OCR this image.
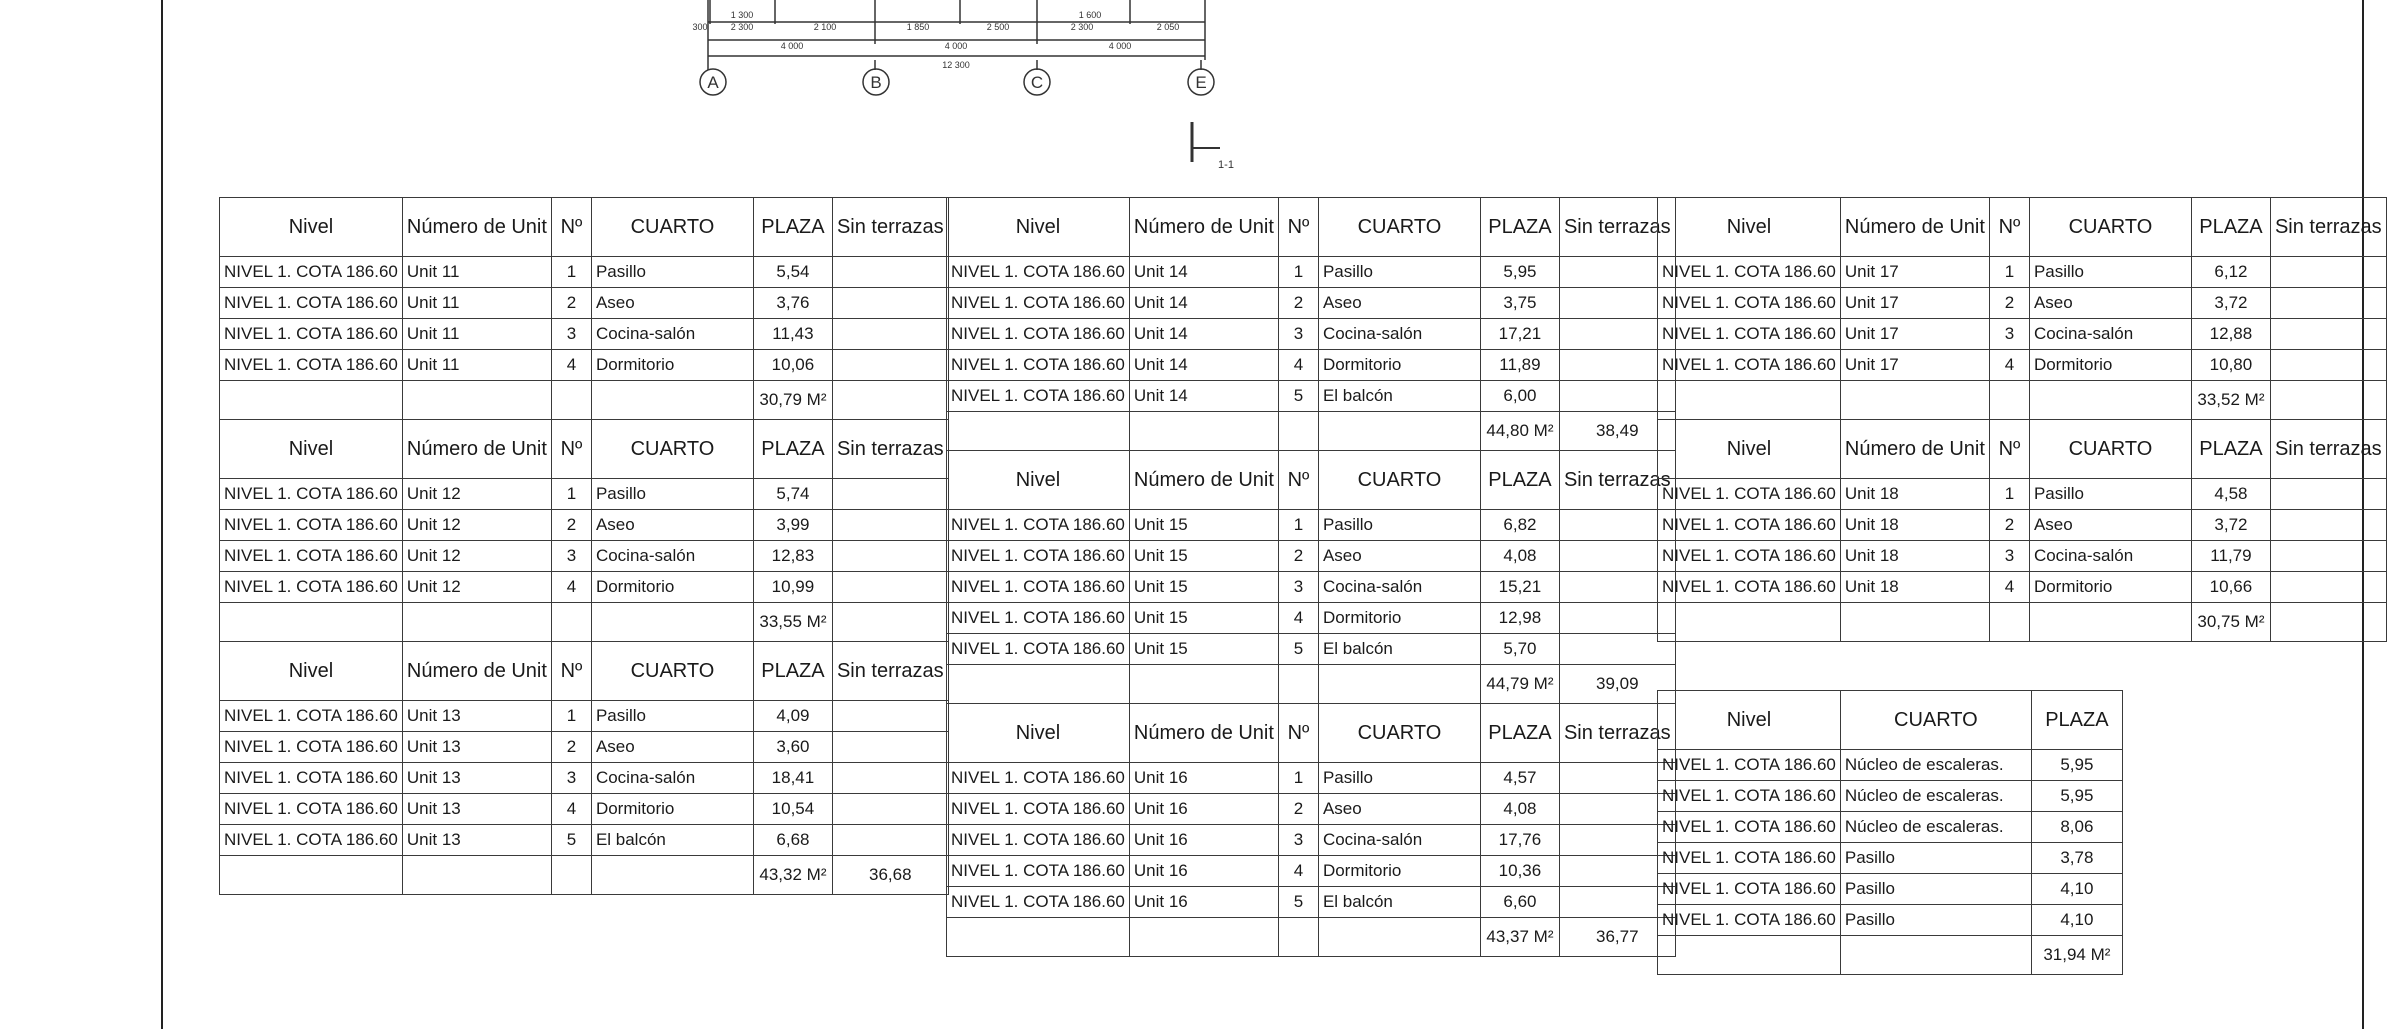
1 300	1 600
300	2 300	2 100	1 850	2 500	2 300	2 050
4 000	4 000	4 000
12 300
A	B	C	E
1-1
Nivel	Número de Unit	Nº	CUARTO	PLAZA	Sin terrazas
NIVEL 1. COTA 186.60	Unit 11	1	Pasillo	5,54	
NIVEL 1. COTA 186.60	Unit 11	2	Aseo	3,76	
NIVEL 1. COTA 186.60	Unit 11	3	Cocina-salón	11,43	
NIVEL 1. COTA 186.60	Unit 11	4	Dormitorio	10,06	
				30,79 M²	
Nivel	Número de Unit	Nº	CUARTO	PLAZA	Sin terrazas
NIVEL 1. COTA 186.60	Unit 12	1	Pasillo	5,74	
NIVEL 1. COTA 186.60	Unit 12	2	Aseo	3,99	
NIVEL 1. COTA 186.60	Unit 12	3	Cocina-salón	12,83	
NIVEL 1. COTA 186.60	Unit 12	4	Dormitorio	10,99	
				33,55 M²	
Nivel	Número de Unit	Nº	CUARTO	PLAZA	Sin terrazas
NIVEL 1. COTA 186.60	Unit 13	1	Pasillo	4,09	
NIVEL 1. COTA 186.60	Unit 13	2	Aseo	3,60	
NIVEL 1. COTA 186.60	Unit 13	3	Cocina-salón	18,41	
NIVEL 1. COTA 186.60	Unit 13	4	Dormitorio	10,54	
NIVEL 1. COTA 186.60	Unit 13	5	El balcón	6,68	
				43,32 M²	36,68
Nivel	Número de Unit	Nº	CUARTO	PLAZA	Sin terrazas
NIVEL 1. COTA 186.60	Unit 14	1	Pasillo	5,95	
NIVEL 1. COTA 186.60	Unit 14	2	Aseo	3,75	
NIVEL 1. COTA 186.60	Unit 14	3	Cocina-salón	17,21	
NIVEL 1. COTA 186.60	Unit 14	4	Dormitorio	11,89	
NIVEL 1. COTA 186.60	Unit 14	5	El balcón	6,00	
				44,80 M²	38,49
Nivel	Número de Unit	Nº	CUARTO	PLAZA	Sin terrazas
NIVEL 1. COTA 186.60	Unit 15	1	Pasillo	6,82	
NIVEL 1. COTA 186.60	Unit 15	2	Aseo	4,08	
NIVEL 1. COTA 186.60	Unit 15	3	Cocina-salón	15,21	
NIVEL 1. COTA 186.60	Unit 15	4	Dormitorio	12,98	
NIVEL 1. COTA 186.60	Unit 15	5	El balcón	5,70	
				44,79 M²	39,09
Nivel	Número de Unit	Nº	CUARTO	PLAZA	Sin terrazas
NIVEL 1. COTA 186.60	Unit 16	1	Pasillo	4,57	
NIVEL 1. COTA 186.60	Unit 16	2	Aseo	4,08	
NIVEL 1. COTA 186.60	Unit 16	3	Cocina-salón	17,76	
NIVEL 1. COTA 186.60	Unit 16	4	Dormitorio	10,36	
NIVEL 1. COTA 186.60	Unit 16	5	El balcón	6,60	
				43,37 M²	36,77
Nivel	Número de Unit	Nº	CUARTO	PLAZA	Sin terrazas
NIVEL 1. COTA 186.60	Unit 17	1	Pasillo	6,12	
NIVEL 1. COTA 186.60	Unit 17	2	Aseo	3,72	
NIVEL 1. COTA 186.60	Unit 17	3	Cocina-salón	12,88	
NIVEL 1. COTA 186.60	Unit 17	4	Dormitorio	10,80	
				33,52 M²	
Nivel	Número de Unit	Nº	CUARTO	PLAZA	Sin terrazas
NIVEL 1. COTA 186.60	Unit 18	1	Pasillo	4,58	
NIVEL 1. COTA 186.60	Unit 18	2	Aseo	3,72	
NIVEL 1. COTA 186.60	Unit 18	3	Cocina-salón	11,79	
NIVEL 1. COTA 186.60	Unit 18	4	Dormitorio	10,66	
				30,75 M²	
Nivel	CUARTO	PLAZA
NIVEL 1. COTA 186.60	Núcleo de escaleras.	5,95
NIVEL 1. COTA 186.60	Núcleo de escaleras.	5,95
NIVEL 1. COTA 186.60	Núcleo de escaleras.	8,06
NIVEL 1. COTA 186.60	Pasillo	3,78
NIVEL 1. COTA 186.60	Pasillo	4,10
NIVEL 1. COTA 186.60	Pasillo	4,10
		31,94 M²
